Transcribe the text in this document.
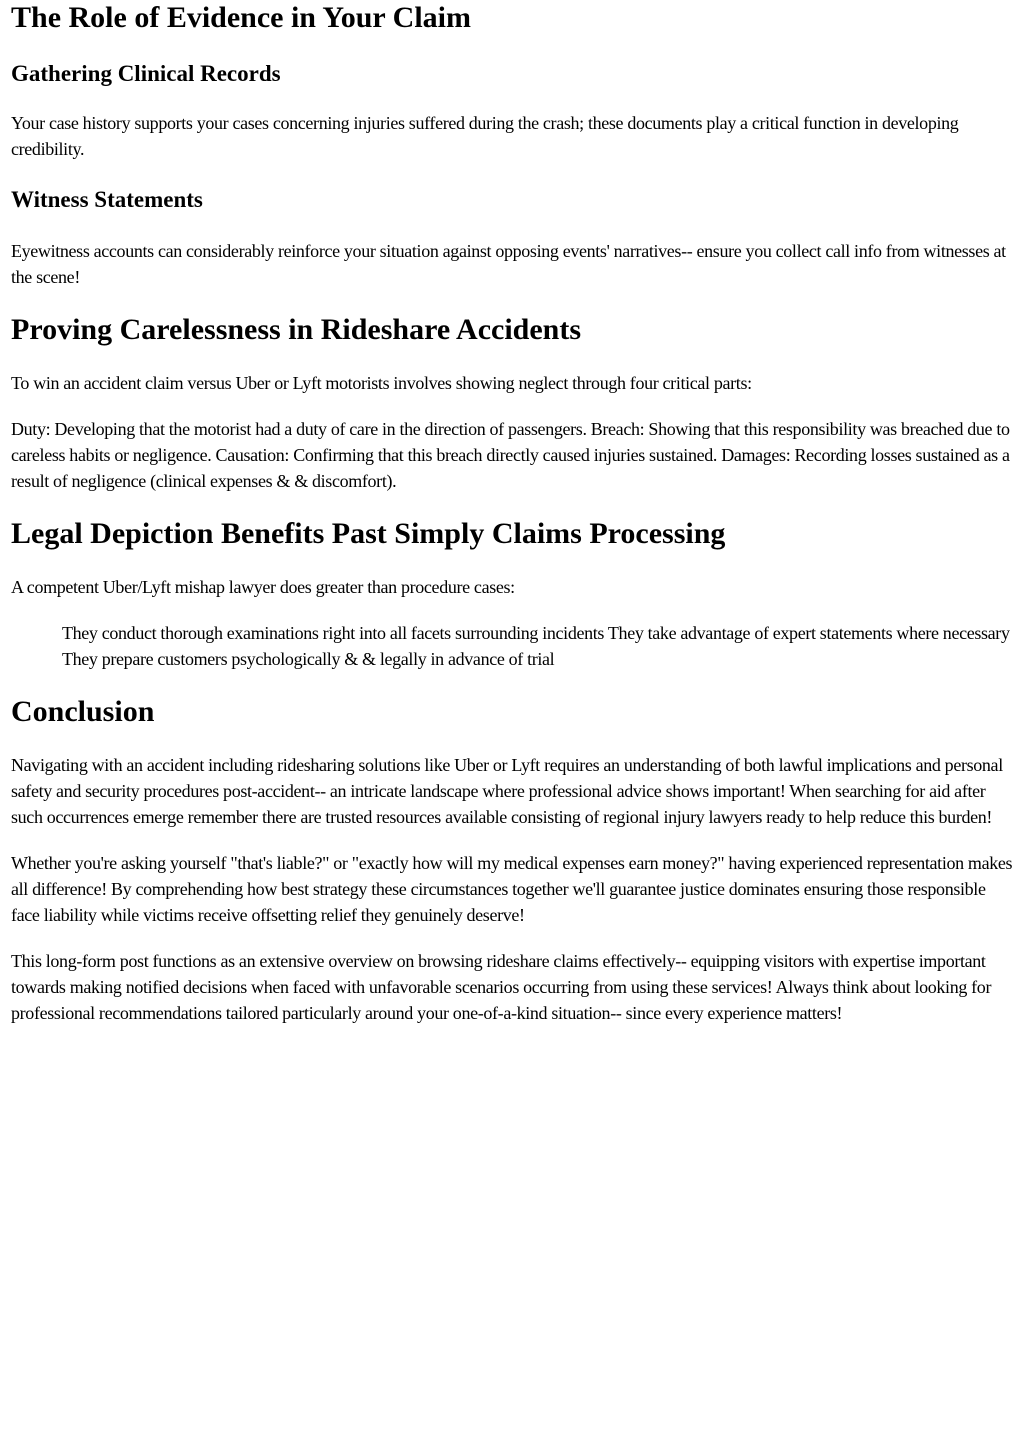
The Role of Evidence in Your Claim
Gathering Clinical Records

Your case history supports your cases concerning injuries suffered during the crash; these documents play a critical function in developing credibility.

Witness Statements

Eyewitness accounts can considerably reinforce your situation against opposing events' narratives-- ensure you collect call info from witnesses at the scene!

Proving Carelessness in Rideshare Accidents

To win an accident claim versus Uber or Lyft motorists involves showing neglect through four critical parts:

Duty: Developing that the motorist had a duty of care in the direction of passengers. Breach: Showing that this responsibility was breached due to careless habits or negligence. Causation: Confirming that this breach directly caused injuries sustained. Damages: Recording losses sustained as a result of negligence (clinical expenses & & discomfort).

Legal Depiction Benefits Past Simply Claims Processing

A competent Uber/Lyft mishap lawyer does greater than procedure cases:

They conduct thorough examinations right into all facets surrounding incidents They take advantage of expert statements where necessary They prepare customers psychologically & & legally in advance of trial
Conclusion

Navigating with an accident including ridesharing solutions like Uber or Lyft requires an understanding of both lawful implications and personal safety and security procedures post-accident-- an intricate landscape where professional advice shows important! When searching for aid after such occurrences emerge remember there are trusted resources available consisting of regional injury lawyers ready to help reduce this burden!

Whether you're asking yourself "that's liable?" or "exactly how will my medical expenses earn money?" having experienced representation makes all difference! By comprehending how best strategy these circumstances together we'll guarantee justice dominates ensuring those responsible face liability while victims receive offsetting relief they genuinely deserve!

This long-form post functions as an extensive overview on browsing rideshare claims effectively-- equipping visitors with expertise important towards making notified decisions when faced with unfavorable scenarios occurring from using these services! Always think about looking for professional recommendations tailored particularly around your one-of-a-kind situation-- since every experience matters!
